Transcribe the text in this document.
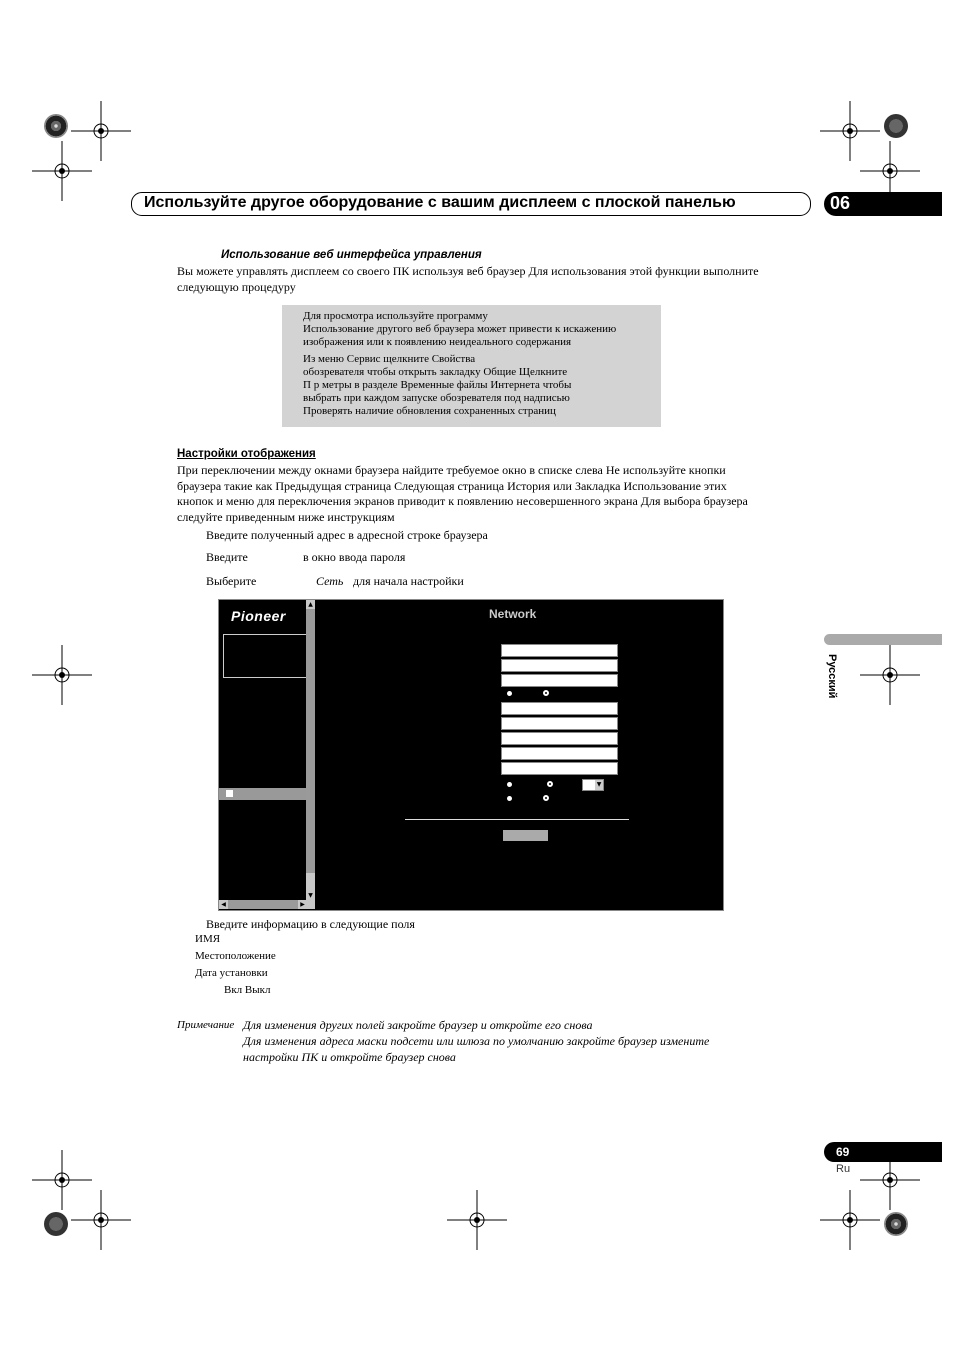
Используйте другое оборудование с вашим дисплеем с плоской панелью	06
Использование веб интерфейса управления
Вы можете управлять дисплеем со своего ПК используя веб браузер Для использования этой функции выполните
следующую процедуру
Для просмотра используйте программу
Использование другого веб браузера может привести к искажению
изображения или к появлению неидеального содержания
Из меню Сервис щелкните Свойства
обозревателя чтобы открыть закладку Общие Щелкните
П р метры в разделе Временные файлы Интернета чтобы
выбрать при каждом запуске обозревателя под надписью
Проверять наличие обновления сохраненных страниц
Настройки отображения
При переключении между окнами браузера найдите требуемое окно в списке слева Не используйте кнопки
браузера такие как Предыдущая страница Следующая страница История или Закладка Использование этих
кнопок и меню для переключения экранов приводит к появлению несовершенного экрана Для выбора браузера
следуйте приведенным ниже инструкциям
Введите полученный адрес в адресной строке браузера
Введите	в окно ввода пароля
Выберите	Сеть для начала настройки
Pioneer
▲
▼
◀	▶
Network
▼
Введите информацию в следующие поля
ИМЯ
Местоположение
Дата установки
Вкл Выкл
Примечание Для изменения других полей закройте браузер и откройте его снова
Для изменения адреса маски подсети или шлюза по умолчанию закройте браузер измените
настройки ПК и откройте браузер снова
Русский
69
Ru
